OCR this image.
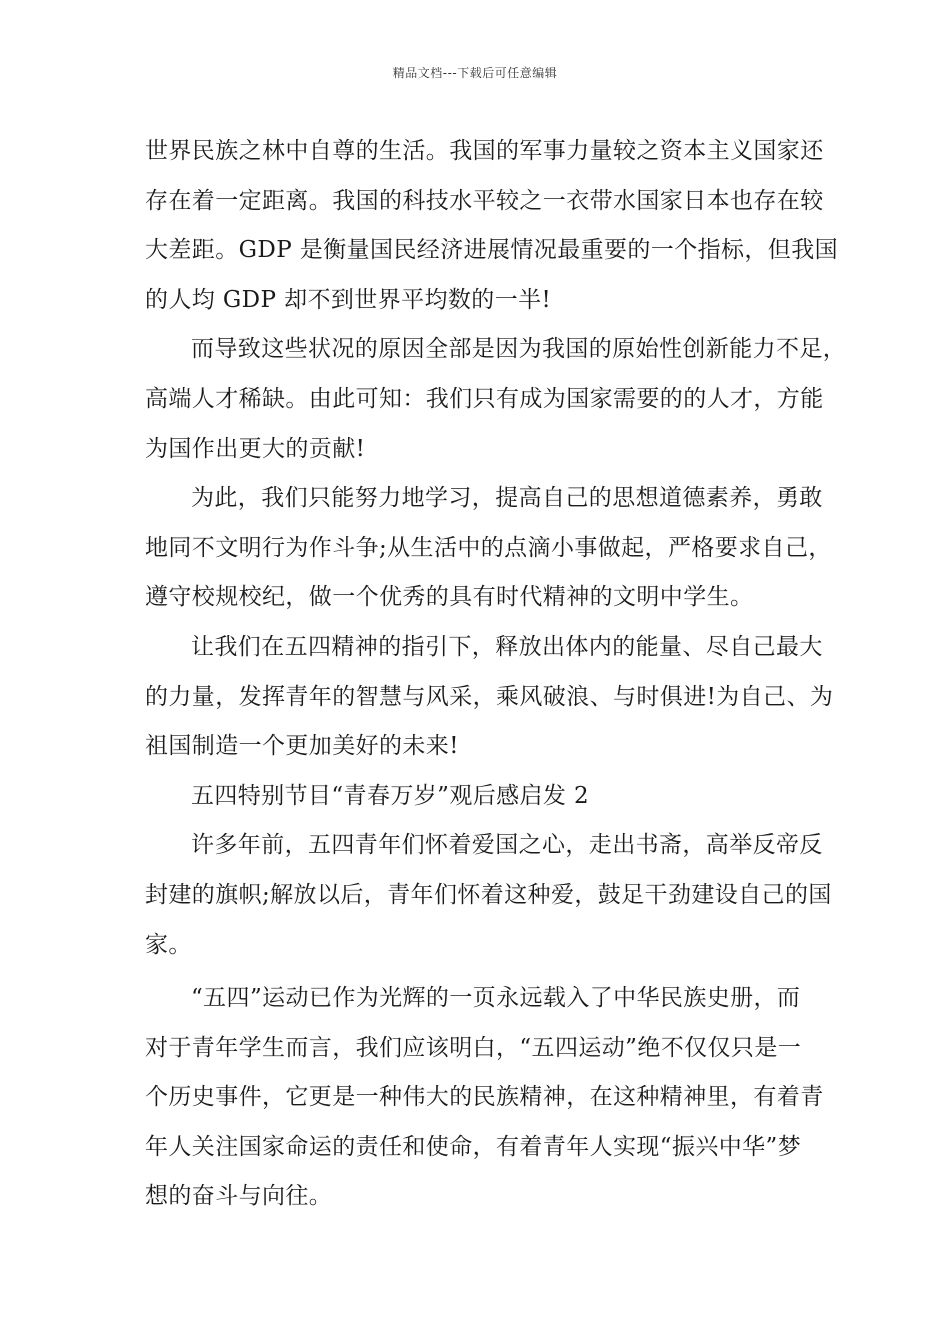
精品文档---下载后可任意编辑
世界民族之林中自尊的生活。我国的军事力量较之资本主义国家还
存在着一定距离。我国的科技水平较之一衣带水国家日本也存在较
大差距。GDP 是衡量国民经济进展情况最重要的一个指标，但我国
的人均 GDP 却不到世界平均数的一半!
而导致这些状况的原因全部是因为我国的原始性创新能力不足，
高端人才稀缺。由此可知：我们只有成为国家需要的的人才，方能
为国作出更大的贡献!
为此，我们只能努力地学习，提高自己的思想道德素养，勇敢
地同不文明行为作斗争;从生活中的点滴小事做起，严格要求自己，
遵守校规校纪，做一个优秀的具有时代精神的文明中学生。
让我们在五四精神的指引下，释放出体内的能量、尽自己最大
的力量，发挥青年的智慧与风采，乘风破浪、与时俱进!为自己、为
祖国制造一个更加美好的未来!
五四特别节目“青春万岁”观后感启发 2
许多年前，五四青年们怀着爱国之心，走出书斋，高举反帝反
封建的旗帜;解放以后，青年们怀着这种爱，鼓足干劲建设自己的国
家。
“五四”运动已作为光辉的一页永远载入了中华民族史册，而
对于青年学生而言，我们应该明白，“五四运动”绝不仅仅只是一
个历史事件，它更是一种伟大的民族精神，在这种精神里，有着青
年人关注国家命运的责任和使命，有着青年人实现“振兴中华”梦
想的奋斗与向往。
